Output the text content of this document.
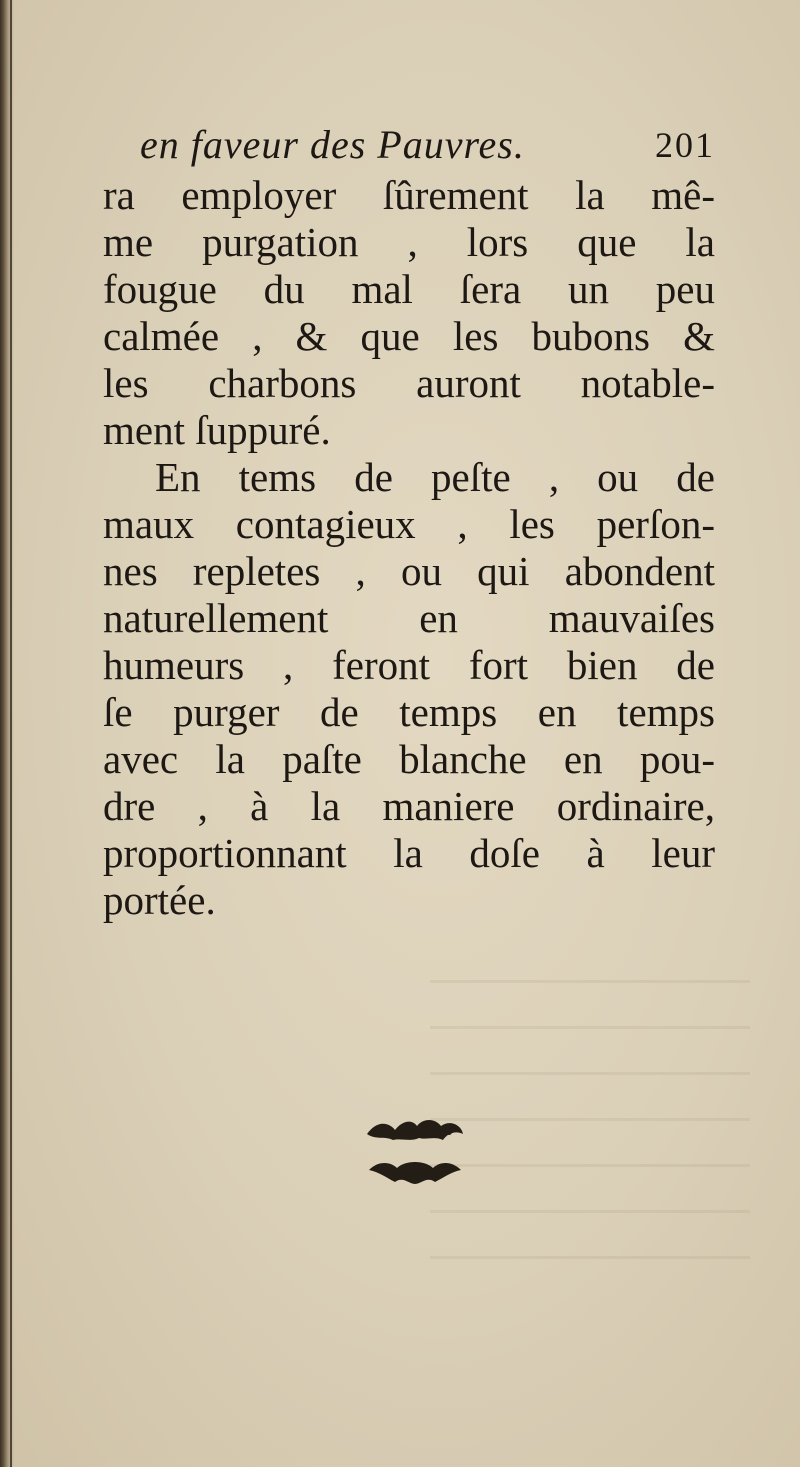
en faveur des Pauvres.	201
ra employer ſûrement la mê-
me purgation , lors que la
fougue du mal ſera un peu
calmée , & que les bubons &
les charbons auront notable-
ment ſuppuré.
En tems de peſte , ou de
maux contagieux , les perſon-
nes repletes , ou qui abondent
naturellement en mauvaiſes
humeurs , feront fort bien de
ſe purger de temps en temps
avec la paſte blanche en pou-
dre , à la maniere ordinaire,
proportionnant la doſe à leur
portée.
